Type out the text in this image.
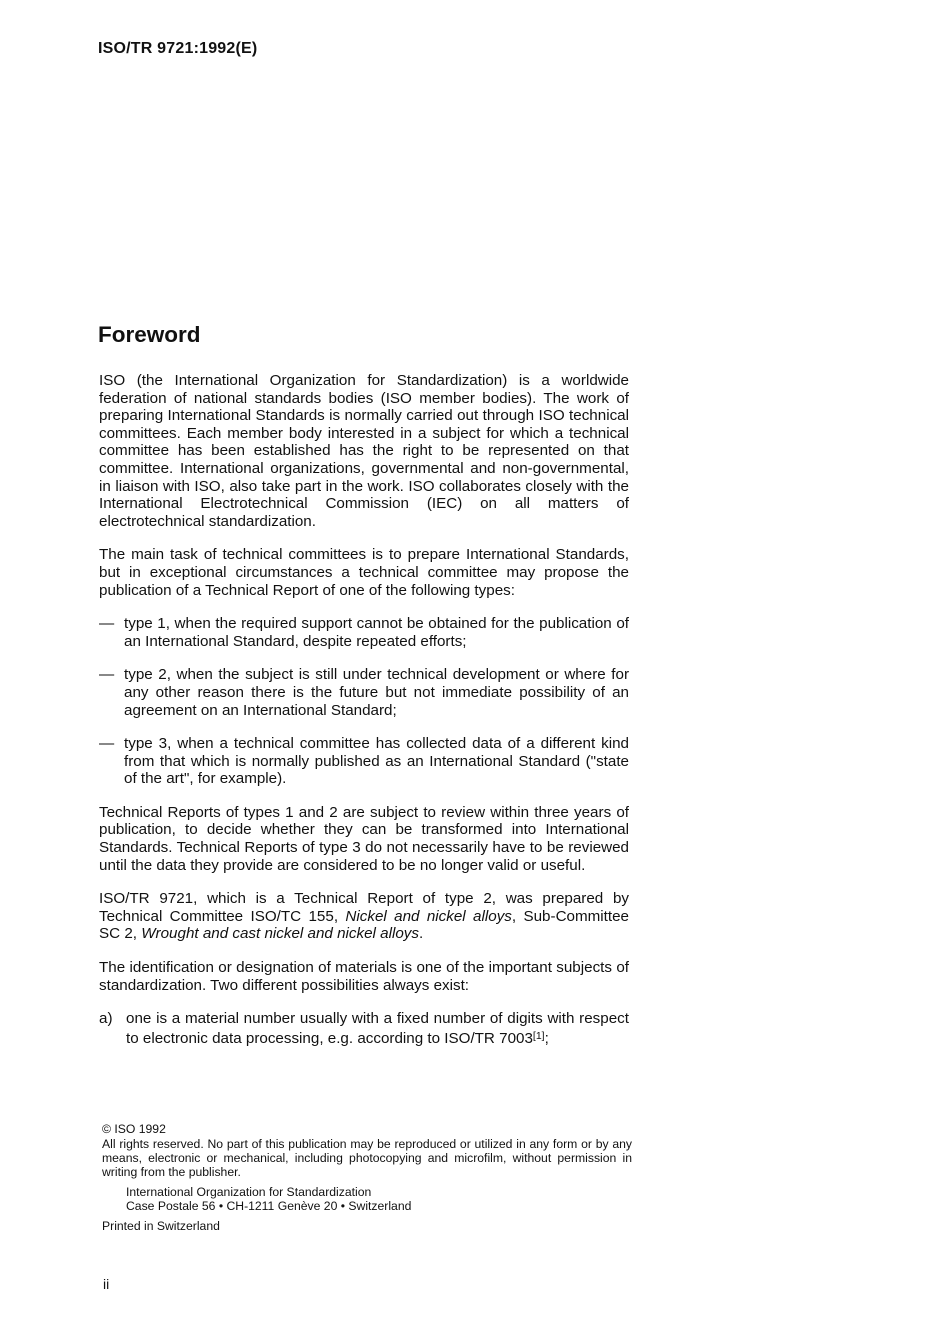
ISO/TR 9721:1992(E)
Foreword

ISO (the International Organization for Standardization) is a worldwide federation of national standards bodies (ISO member bodies). The work of preparing International Standards is normally carried out through ISO technical committees. Each member body interested in a subject for which a technical committee has been established has the right to be represented on that committee. International organizations, governmental and non-governmental, in liaison with ISO, also take part in the work. ISO collaborates closely with the International Electrotechnical Commission (IEC) on all matters of electrotechnical standardization.

The main task of technical committees is to prepare International Standards, but in exceptional circumstances a technical committee may propose the publication of a Technical Report of one of the following types:

— type 1, when the required support cannot be obtained for the publication of an International Standard, despite repeated efforts;
— type 2, when the subject is still under technical development or where for any other reason there is the future but not immediate possibility of an agreement on an International Standard;
— type 3, when a technical committee has collected data of a different kind from that which is normally published as an International Standard ("state of the art", for example).

Technical Reports of types 1 and 2 are subject to review within three years of publication, to decide whether they can be transformed into International Standards. Technical Reports of type 3 do not necessarily have to be reviewed until the data they provide are considered to be no longer valid or useful.

ISO/TR 9721, which is a Technical Report of type 2, was prepared by Technical Committee ISO/TC 155, Nickel and nickel alloys, Sub-Committee SC 2, Wrought and cast nickel and nickel alloys.

The identification or designation of materials is one of the important subjects of standardization. Two different possibilities always exist:

a) one is a material number usually with a fixed number of digits with respect to electronic data processing, e.g. according to ISO/TR 7003[1];
© ISO 1992
All rights reserved. No part of this publication may be reproduced or utilized in any form or by any means, electronic or mechanical, including photocopying and microfilm, without permission in writing from the publisher.
International Organization for Standardization
Case Postale 56 • CH-1211 Genève 20 • Switzerland
Printed in Switzerland
ii
